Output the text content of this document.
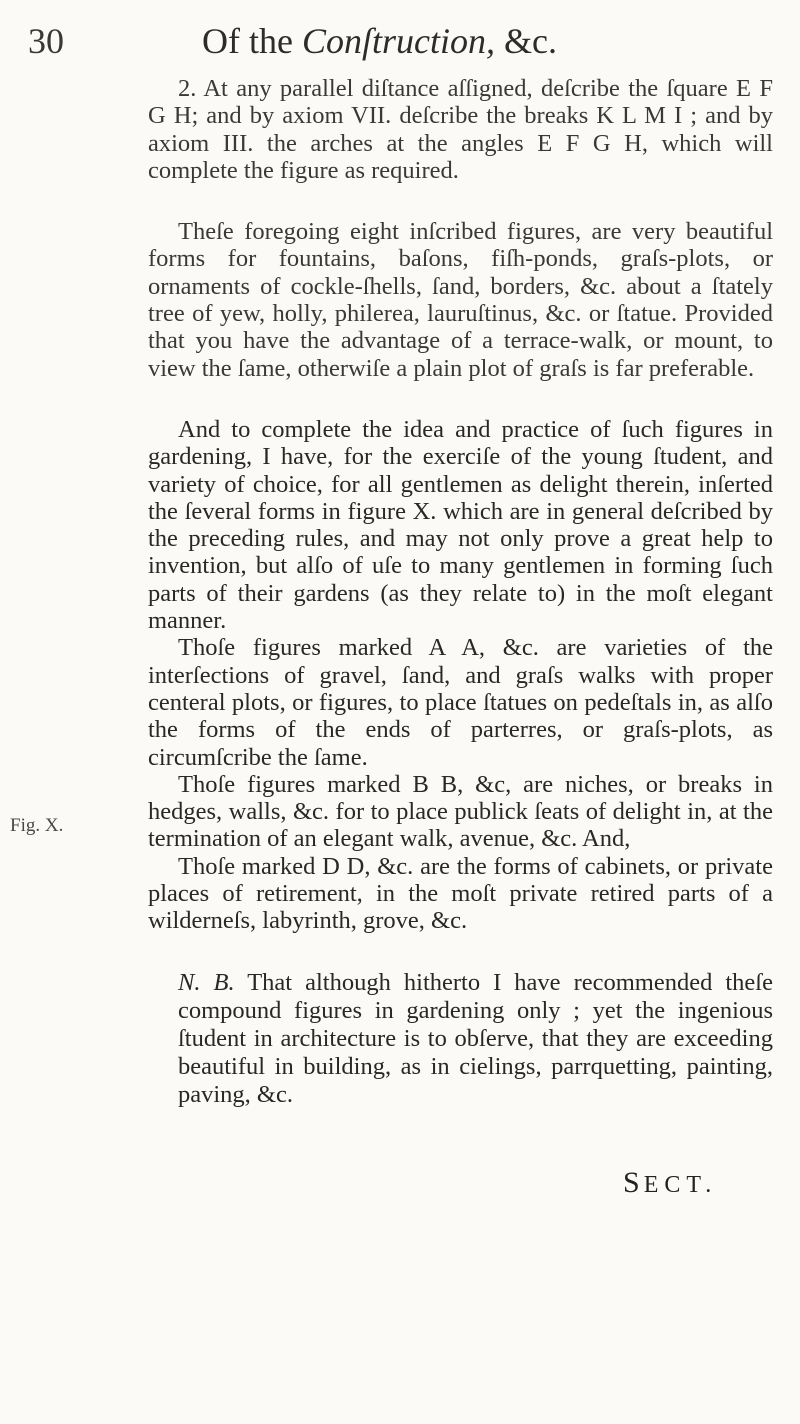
30	Of the Conſtruction, &c.
Fig. X.

2. At any parallel diſtance aſſigned, deſcribe the ſquare E F G H; and by axiom VII. deſcribe the breaks K L M I ; and by axiom III. the arches at the angles E F G H, which will complete the figure as required.

Theſe foregoing eight inſcribed figures, are very beautiful forms for fountains, baſons, fiſh-ponds, graſs-plots, or ornaments of cockle-ſhells, ſand, borders, &c. about a ſtately tree of yew, holly, philerea, lauruſtinus, &c. or ſtatue. Provided that you have the advantage of a terrace-walk, or mount, to view the ſame, otherwiſe a plain plot of graſs is far preferable.

And to complete the idea and practice of ſuch figures in gardening, I have, for the exerciſe of the young ſtudent, and variety of choice, for all gentlemen as delight therein, inſerted the ſeveral forms in figure X. which are in general deſcribed by the preceding rules, and may not only prove a great help to invention, but alſo of uſe to many gentlemen in forming ſuch parts of their gardens (as they relate to) in the moſt elegant manner.

Thoſe figures marked A A, &c. are varieties of the interſections of gravel, ſand, and graſs walks with proper centeral plots, or figures, to place ſtatues on pedeſtals in, as alſo the forms of the ends of parterres, or graſs-plots, as circumſcribe the ſame.

Thoſe figures marked B B, &c, are niches, or breaks in hedges, walls, &c. for to place publick ſeats of delight in, at the termination of an elegant walk, avenue, &c. And,

Thoſe marked D D, &c. are the forms of cabinets, or private places of retirement, in the moſt private retired parts of a wilderneſs, labyrinth, grove, &c.

N. B. That although hitherto I have recommended theſe compound figures in gardening only ; yet the ingenious ſtudent in architecture is to obſerve, that they are exceeding beautiful in building, as in cielings, parrquetting, painting, paving, &c.

SECT.
